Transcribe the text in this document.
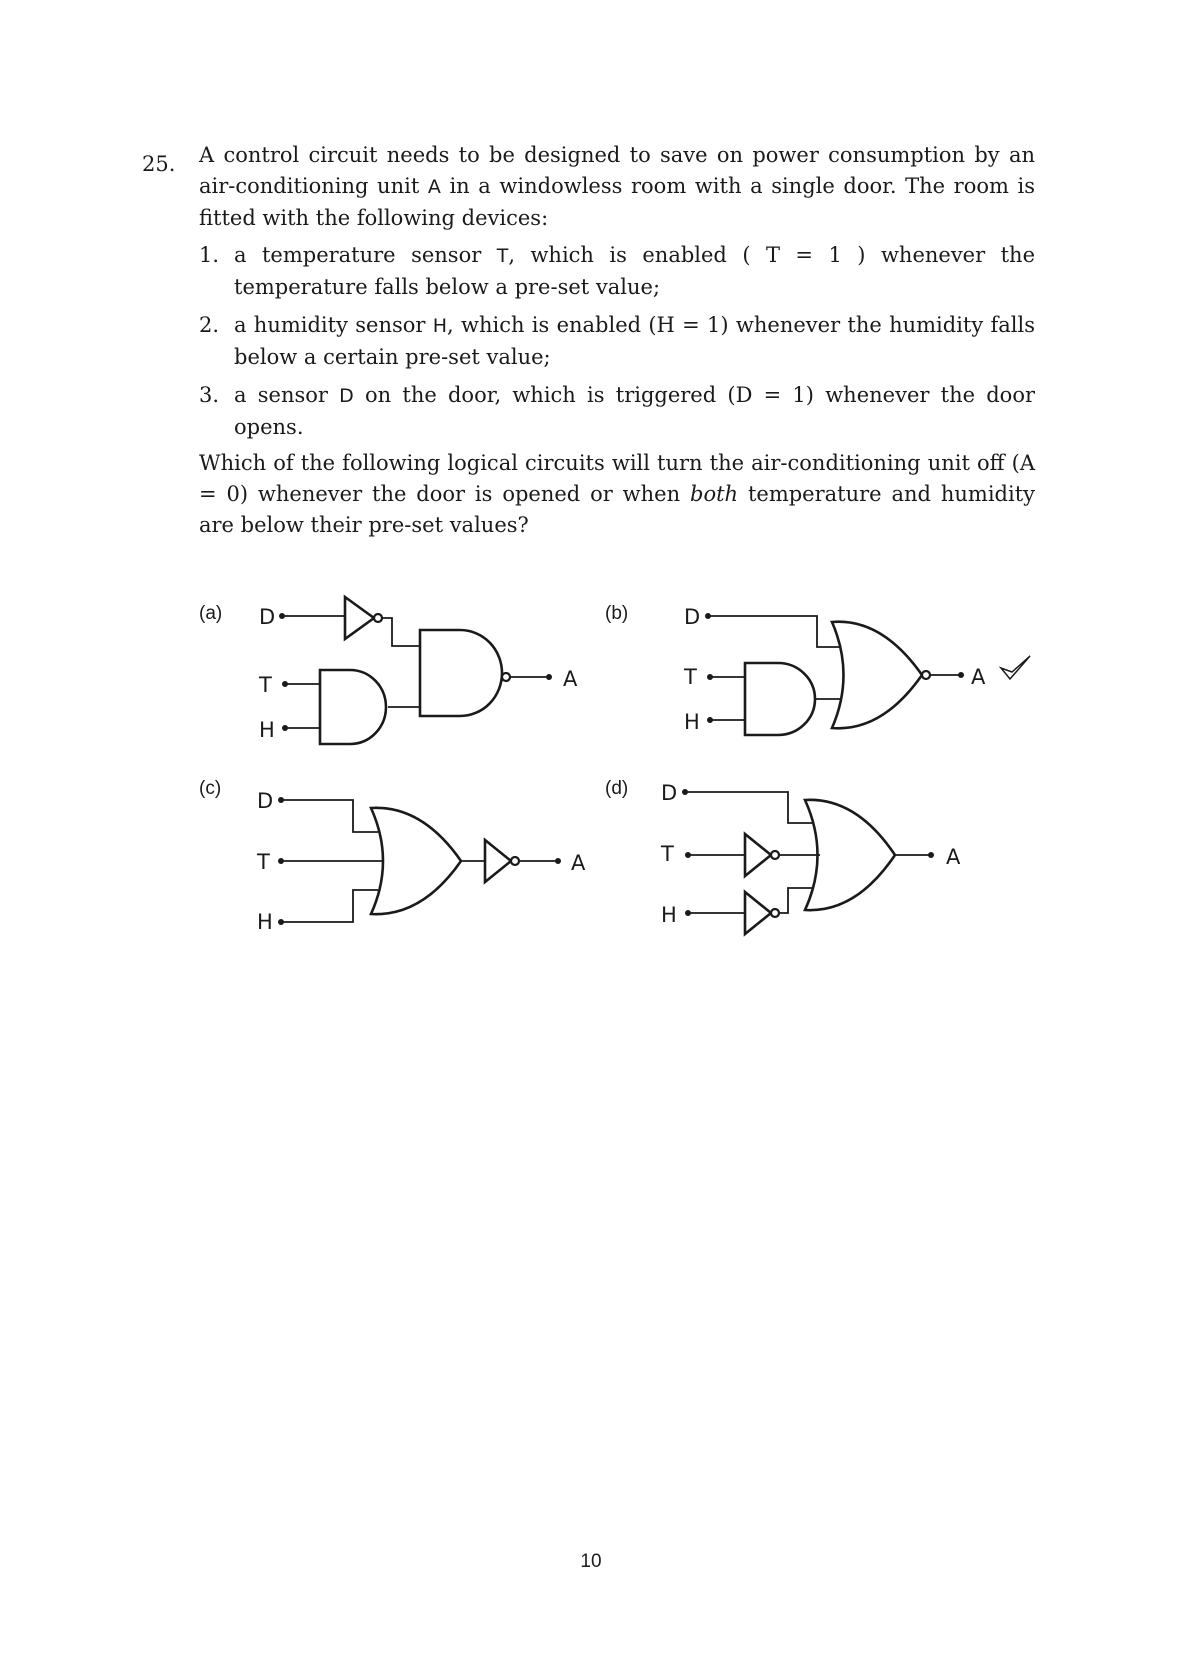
25. A control circuit needs to be designed to save on power consumption by an air-conditioning unit A in a windowless room with a single door. The room is fitted with the following devices:

1. a temperature sensor T, which is enabled ( T = 1 ) whenever the temperature falls below a pre-set value;
2. a humidity sensor H, which is enabled (H = 1) whenever the humidity falls below a certain pre-set value;
3. a sensor D on the door, which is triggered (D = 1) whenever the door opens.

Which of the following logical circuits will turn the air-conditioning unit off (A = 0) whenever the door is opened or when both temperature and humidity are below their pre-set values?

(a)	(b)
(c)	(d)
D
T
H
A
D
T
H
A
D
T
H
A
D
T
H
A
10
